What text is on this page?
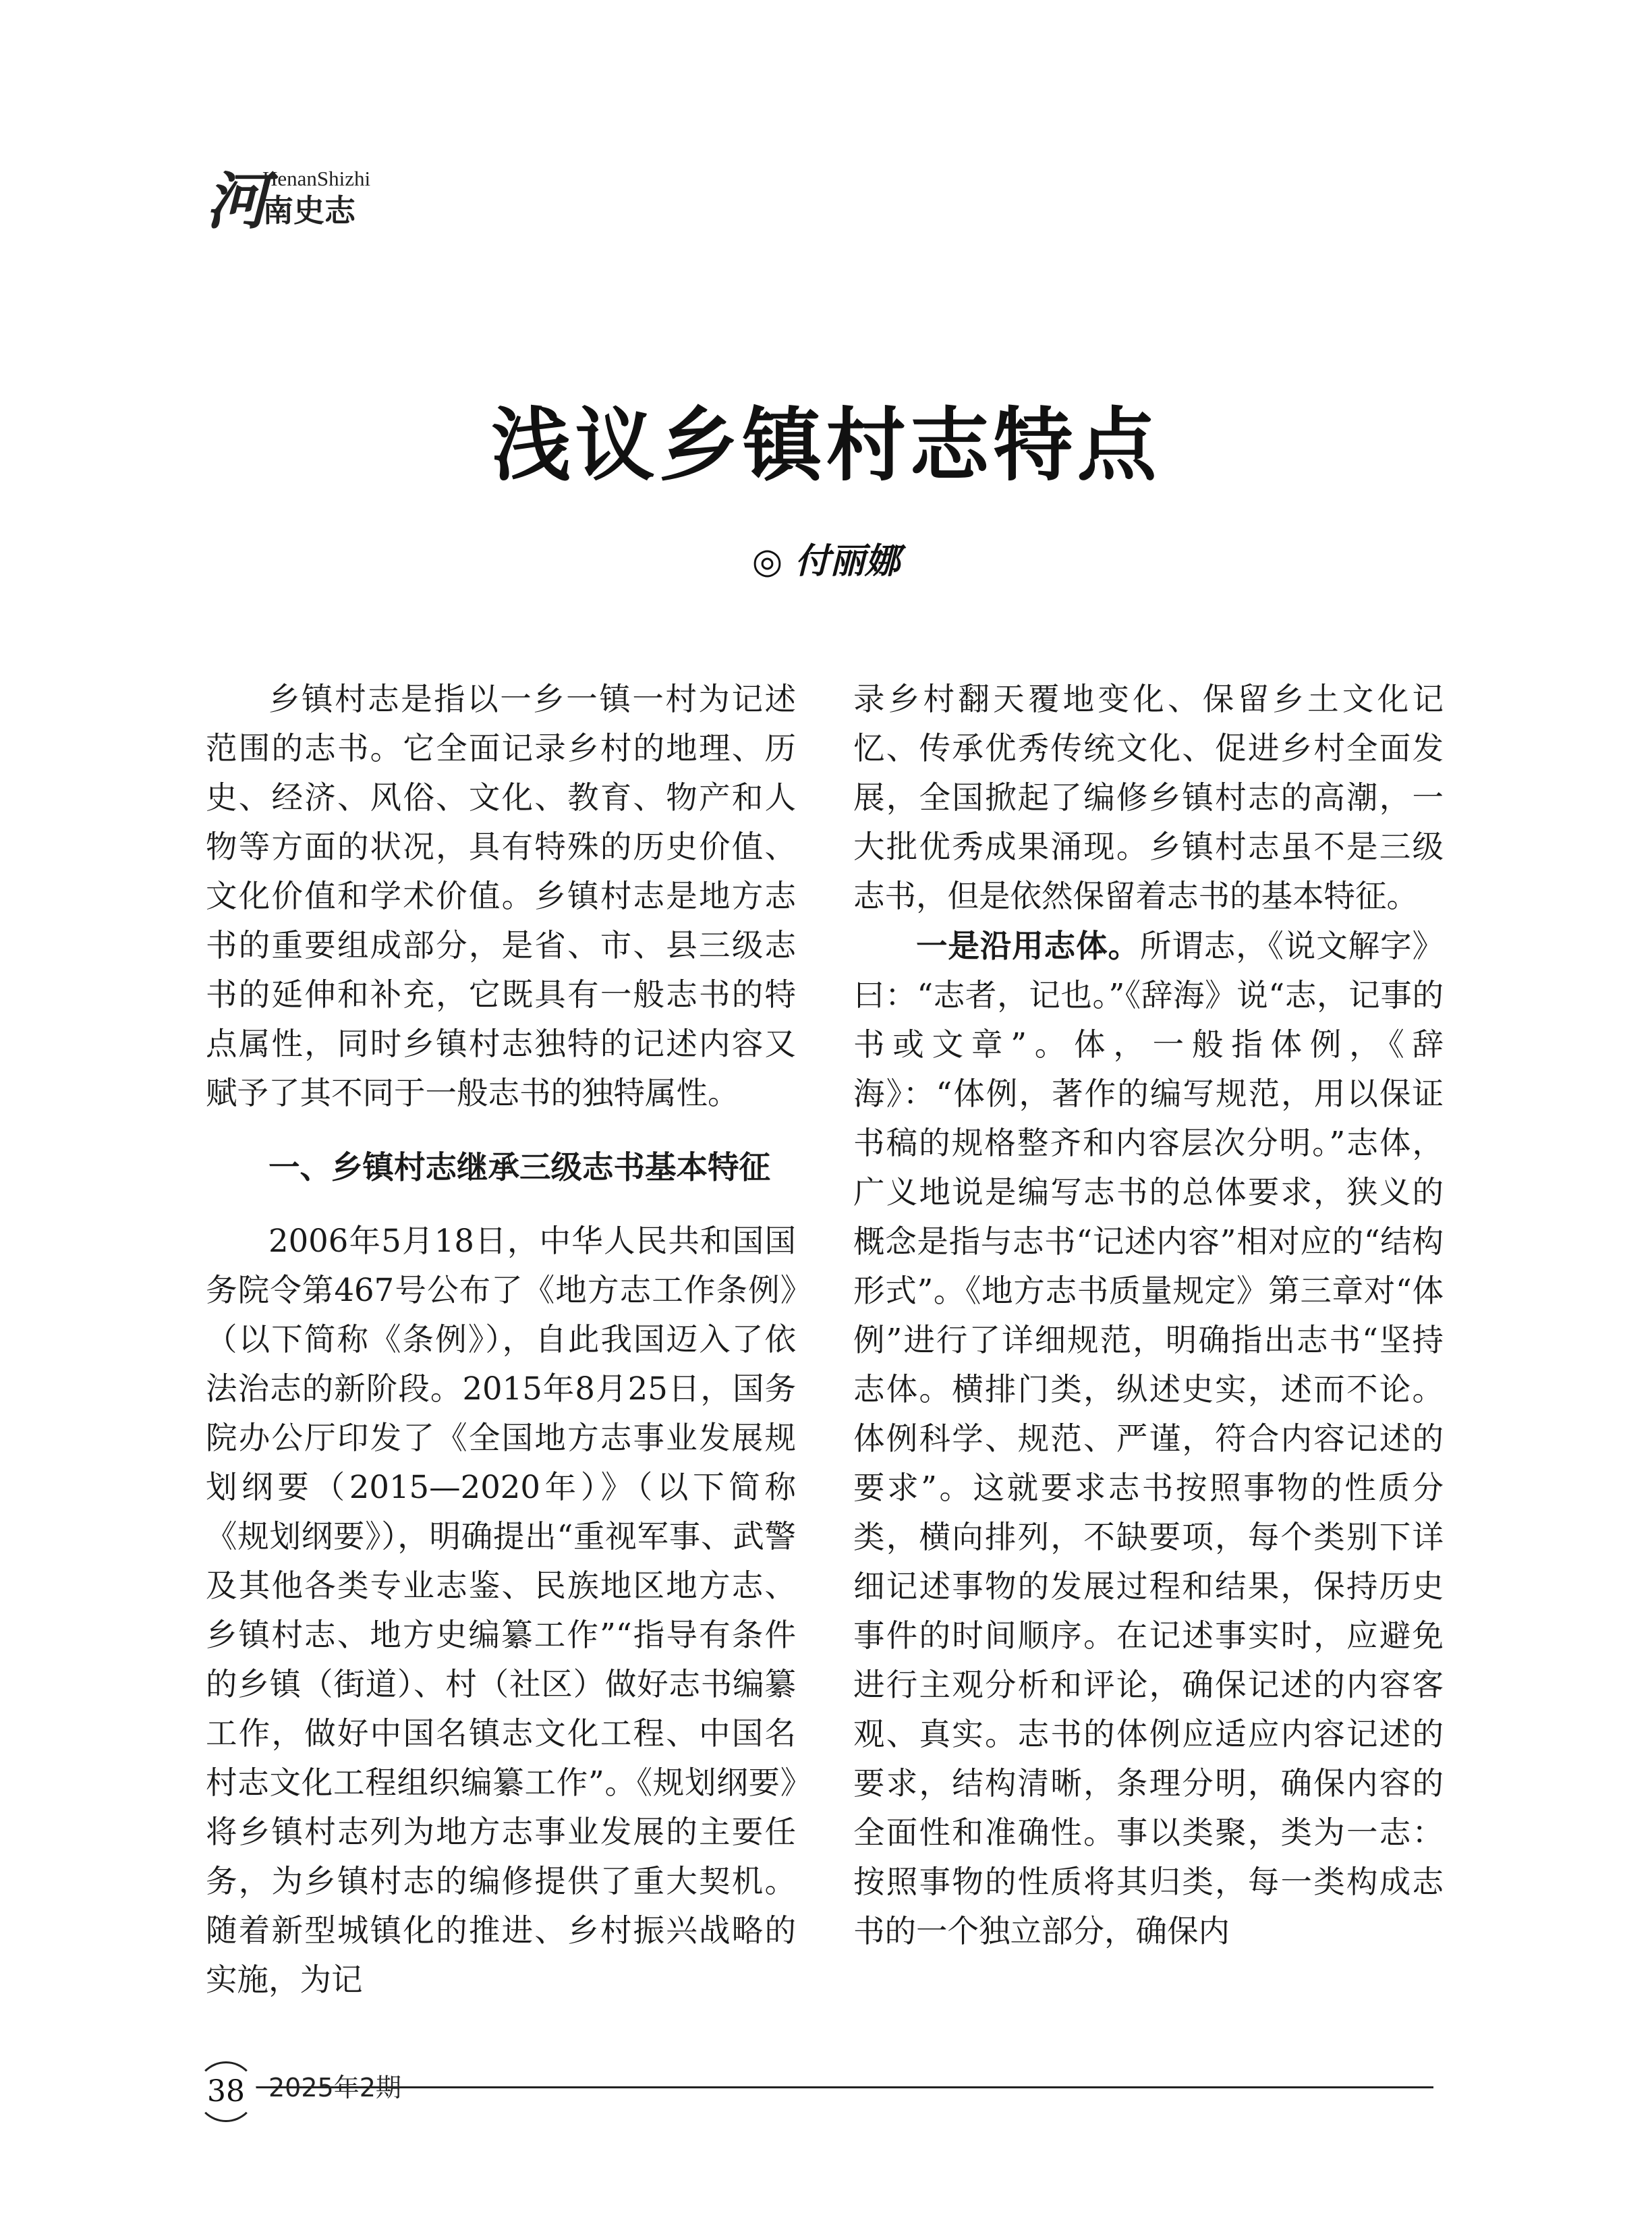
河
HenanShizhi
南史志
浅议乡镇村志特点
◎ 付丽娜

乡镇村志是指以一乡一镇一村为记述范围的志书。它全面记录乡村的地理、历史、经济、风俗、文化、教育、物产和人物等方面的状况，具有特殊的历史价值、文化价值和学术价值。乡镇村志是地方志书的重要组成部分，是省、市、县三级志书的延伸和补充，它既具有一般志书的特点属性，同时乡镇村志独特的记述内容又赋予了其不同于一般志书的独特属性。

一、乡镇村志继承三级志书基本特征

2006年5月18日，中华人民共和国国务院令第467号公布了《地方志工作条例》（以下简称《条例》），自此我国迈入了依法治志的新阶段。2015年8月25日，国务院办公厅印发了《全国地方志事业发展规划纲要（2015—2020年）》（以下简称《规划纲要》），明确提出“重视军事、武警及其他各类专业志鉴、民族地区地方志、乡镇村志、地方史编纂工作”“指导有条件的乡镇（街道）、村（社区）做好志书编纂工作，做好中国名镇志文化工程、中国名村志文化工程组织编纂工作”。《规划纲要》将乡镇村志列为地方志事业发展的主要任务，为乡镇村志的编修提供了重大契机。随着新型城镇化的推进、乡村振兴战略的实施，为记

录乡村翻天覆地变化、保留乡土文化记忆、传承优秀传统文化、促进乡村全面发展，全国掀起了编修乡镇村志的高潮，一大批优秀成果涌现。乡镇村志虽不是三级志书，但是依然保留着志书的基本特征。

一是沿用志体。所谓志，《说文解字》曰：“志者，记也。”《辞海》说“志，记事的书或文章”。体，一般指体例，《辞海》：“体例，著作的编写规范，用以保证书稿的规格整齐和内容层次分明。”志体，广义地说是编写志书的总体要求，狭义的概念是指与志书“记述内容”相对应的“结构形式”。《地方志书质量规定》第三章对“体例”进行了详细规范，明确指出志书“坚持志体。横排门类，纵述史实，述而不论。体例科学、规范、严谨，符合内容记述的要求”。这就要求志书按照事物的性质分类，横向排列，不缺要项，每个类别下详细记述事物的发展过程和结果，保持历史事件的时间顺序。在记述事实时，应避免进行主观分析和评论，确保记述的内容客观、真实。志书的体例应适应内容记述的要求，结构清晰，条理分明，确保内容的全面性和准确性。事以类聚，类为一志：按照事物的性质将其归类，每一类构成志书的一个独立部分，确保内

38 2025年2期
